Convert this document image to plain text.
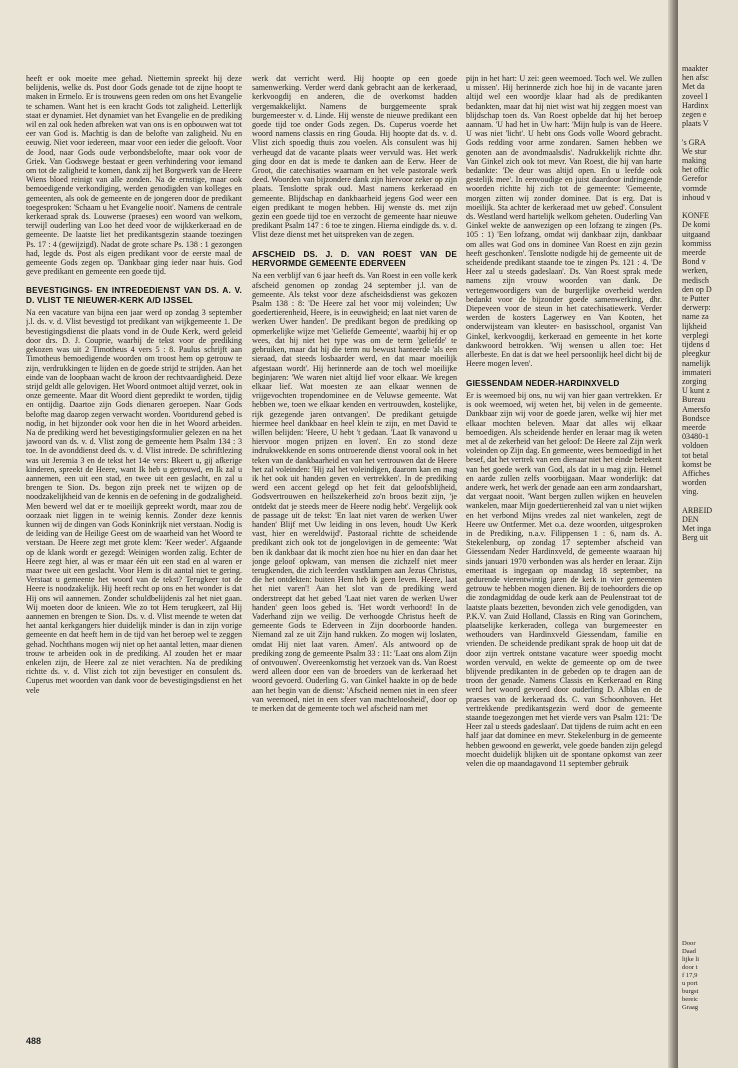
heeft er ook moeite mee gehad. Niettemin spreekt hij deze belijdenis, welke ds. Post door Gods genade tot de zijne hoopt te maken in Ermelo. Er is trouwens geen reden om ons het Evangelie te schamen. Want het is een kracht Gods tot zaligheid. Letterlijk staat er dynamiet. Het dynamiet van het Evangelie en de prediking wil en zal ook heden afbreken wat van ons is en opbouwen wat tot eer van God is. Machtig is dan de belofte van zaligheid. Nu en eeuwig. Niet voor iedereen, maar voor een ieder die gelooft. Voor de Jood, naar Gods oude verbondsbelofte, maar ook voor de Griek. Van Godswege bestaat er geen verhindering voor iemand om tot de zaligheid te komen, dank zij het Borgwerk van de Heere Wiens bloed reinigt van alle zonden. Na de ernstige, maar ook bemoedigende verkondiging, werden genodigden van kolleges en gemeenten, als ook de gemeente en de jongeren door de predikant toegesproken: 'Schaam u het Evangelie nooit'. Namens de centrale kerkeraad sprak ds. Louwerse (praeses) een woord van welkom, terwijl ouderling van Loo het deed voor de wijkkerkeraad en de gemeente. De laatste liet het predikantsgezin staande toezingen Ps. 17 : 4 (gewijzigd). Nadat de grote schare Ps. 138 : 1 gezongen had, legde ds. Post als eigen predikant voor de eerste maal de gemeente Gods zegen op. 'Dankbaar ging ieder naar huis. God geve predikant en gemeente een goede tijd.

BEVESTIGINGS- EN INTREDEDIENST VAN DS. A. V. D. VLIST TE NIEUWER-KERK A/D IJSSEL

Na een vacature van bijna een jaar werd op zondag 3 september j.l. ds. v. d. Vlist bevestigd tot predikant van wijkgemeente 1. De bevestigingsdienst die plaats vond in de Oude Kerk, werd geleid door drs. D. J. Couprie, waarbij de tekst voor de prediking gekozen was uit 2 Timotheus 4 vers 5 : 8. Paulus schrijft aan Timotheus bemoedigende woorden om troost hem op getrouw te zijn, verdrukkingen te lijden en de goede strijd te strijden. Aan het einde van de loopbaan wacht de kroon der rechtvaardigheid. Deze strijd geldt alle gelovigen. Het Woord ontmoet altijd verzet, ook in onze gemeente. Maar dit Woord dient gepredikt te worden, tijdig en ontijdig. Daartoe zijn Gods dienaren geroepen. Naar Gods belofte mag daarop zegen verwacht worden. Voortdurend gebed is nodig, in het bijzonder ook voor hen die in het Woord arbeiden. Na de prediking werd het bevestigingsformulier gelezen en na het jawoord van ds. v. d. Vlist zong de gemeente hem Psalm 134 : 3 toe. In de avonddienst deed ds. v. d. Vlist intrede. De schriftlezing was uit Jeremia 3 en de tekst het 14e vers: Bkeert u, gij afkerige kinderen, spreekt de Heere, want Ik heb u getrouwd, en Ik zal u aannemen, een uit een stad, en twee uit een geslacht, en zal u brengen te Sion. Ds. begon zijn preek net te wijzen op de noodzakelijkheid van de kennis en de oefening in de godzaligheid. Men bewerd wel dat er te moeilijk gepreekt wordt, maar zou de oorzaak niet liggen in te weinig kennis. Zonder deze kennis kunnen wij de dingen van Gods Koninkrijk niet verstaan. Nodig is de leiding van de Heilige Geest om de waarheid van het Woord te verstaan. De Heere zegt met grote klem: 'Keer weder'. Afgaande op de klank wordt er gezegd: Weinigen worden zalig. Echter de Heere zegt hier, al was er maar één uit een stad en al waren er maar twee uit een geslacht. Voor Hem is dit aantal niet te gering. Verstaat u gemeente het woord van de tekst? Terugkeer tot de Heere is noodzakelijk. Hij heeft recht op ons en het wonder is dat Hij ons wil aannemen. Zonder schuldbelijdenis zal het niet gaan. Wij moeten door de knieen. Wie zo tot Hem terugkeert, zal Hij aannemen en brengen te Sion. Ds. v. d. Vlist meende te weten dat het aantal kerkgangers hier duidelijk minder is dan in zijn vorige gemeente en dat heeft hem in de tijd van het beroep wel te zeggen gehad. Nochthans mogen wij niet op het aantal letten, maar dienen trouw te arbeiden ook in de prediking. Al zouden het er maar enkelen zijn, de Heere zal ze niet verachten. Na de prediking richtte ds. v. d. Vlist zich tot zijn bevestiger en consulent ds. Cuperus met woorden van dank voor de bevestigingsdienst en het vele

werk dat verricht werd. Hij hoopte op een goede samenwerking. Verder werd dank gebracht aan de kerkeraad, kerkvoogdij en anderen, die de overkomst hadden vergemakkelijkt. Namens de burggemeente sprak burgemeester v. d. Linde. Hij wenste de nieuwe predikant een goede tijd toe onder Gods zegen. Ds. Cuperus voerde het woord namens classis en ring Gouda. Hij hoopte dat ds. v. d. Vlist zich spoedig thuis zou voelen. Als consulent was hij verheugd dat de vacante plaats weer vervuld was. Het werk ging door en dat is mede te danken aan de Eerw. Heer de Groot, die catechisaties waarnam en het vele pastorale werk deed. Woorden van bijzondere dank zijn hiervoor zeker op zijn plaats. Tenslotte sprak oud. Mast namens kerkeraad en gemeente. Blijdschap en dankbaarheid jegens God weer een eigen predikant te mogen hebben. Hij wenste ds. met zijn gezin een goede tijd toe en verzocht de gemeente haar nieuwe predikant Psalm 147 : 6 toe te zingen. Hierna eindigde ds. v. d. Vlist deze dienst met het uitspreken van de zegen.

AFSCHEID DS. J. D. VAN ROEST VAN DE HERVORMDE GEMEENTE EDERVEEN

Na een verblijf van 6 jaar heeft ds. Van Roest in een volle kerk afscheid genomen op zondag 24 september j.l. van de gemeente. Als tekst voor deze afscheidsdienst was gekozen Psalm 138 : 8: 'De Heere zal het voor mij voleinden; Uw goedertierenheid, Heere, is in eeuwigheid; en laat niet varen de werken Uwer handen'. De predikant begon de prediking op opmerkelijke wijze met 'Geliefde Gemeente', waarbij hij er op wees, dat hij niet het type was om de term 'geliefde' te gebruiken, maar dat hij die term nu bewust hanteerde 'als een sieraad, dat steeds losbaarder werd, en dat maar moeilijk afgestaan wordt'. Hij herinnerde aan de toch wel moeilijke beginjaren: 'We waren niet altijd lief voor elkaar. We kregen elkaar lief. Wat moesten ze aan elkaar wennen de vrijgevochten tropendominee en de Veluwse gemeente. Wat hebben we, toen we elkaar kenden en vertrouwden, kostelijke, rijk gezegende jaren ontvangen'. De predikant getuigde hiermee heel dankbaar en heel klein te zijn, en met David te willen belijden: 'Heere, U hebt 't gedaan. 'Laat Ik vanavond u hiervoor mogen prijzen en loven'. En zo stond deze indrukwekkende en soms ontroerende dienst vooral ook in het teken van de dankbaarheid en van het vertrouwen dat de Heere het zal voleinden: 'Hij zal het voleindigen, daarom kan en mag ik het ook uit handen geven en vertrekken'. In de prediking werd een accent gelegd op het feit dat geloofsblijheid, Godsvertrouwen en heilszekerheid zo'n broos bezit zijn, 'je ontdekt dat je steeds meer de Heere nodig hebt'. Vergelijk ook de passage uit de tekst: 'En laat niet varen de werken Uwer handen' Blijf met Uw leiding in ons leven, houdt Uw Kerk vast, hier en wereldwijd'. Pastoraal richtte de scheidende predikant zich ook tot de jongelovigen in de gemeente: 'Wat ben ik dankbaar dat ik mocht zien hoe nu hier en dan daar het jonge geloof opkwam, van mensen die zichzelf niet meer terugkenden, die zich leerden vastklampen aan Jezus Christus, die het ontdekten: buiten Hem heb ik geen leven. Heere, laat het niet varen'! Aan het slot van de prediking werd onderstreept dat het gebed 'Laat niet varen de werken Uwer handen' geen loos gebed is. 'Het wordt verhoord! In de Vaderhand zijn we veilig. De verhoogde Christus heeft de gemeente Gods te Ederveen in Zijn doorboorde handen. Niemand zal ze uit Zijn hand rukken. Zo mogen wij loslaten, omdat Hij niet laat varen. Amen'. Als antwoord op de prediking zong de gemeente Psalm 33 : 11: 'Laat ons alom Zijn of ontvouwen'. Overeenkomstig het verzoek van ds. Van Roest werd alleen door een van de broeders van de kerkeraad het woord gevoerd. Ouderling G. van Ginkel haakte in op de bede aan het begin van de dienst: 'Afscheid nemen niet in een sfeer van weemoed, niet in een sfeer van machteloosheid', door op te merken dat de gemeente toch wel afscheid nam met

pijn in het hart: U zei: geen weemoed. Toch wel. We zullen u missen'. Hij herinnerde zich hoe hij in de vacante jaren altijd wel een woordje klaar had als de predikanten bedankten, maar dat hij niet wist wat hij zeggen moest van blijdschap toen ds. Van Roest opbelde dat hij het beroep aannam. 'U had het in Uw hart: 'Mijn hulp is van de Heere. U was niet 'licht'. U hebt ons Gods volle Woord gebracht. Gods redding voor arme zondaren. Samen hebben we genoten aan de avondmaalsdis'. Nadrukkelijk richtte dhr. Van Ginkel zich ook tot mevr. Van Roest, die hij van harte bedankte: 'De deur was altijd open. En u leefde ook gestelijk mee'. In eenvoudige en juist daardoor indringende woorden richtte hij zich tot de gemeente: 'Gemeente, morgen zitten wij zonder dominee. Dat is erg. Dat is moeilijk. Sta achter de kerkeraad met uw gebed'. Consulent ds. Westland werd hartelijk welkom geheten. Ouderling Van Ginkel wekte de aanwezigen op een lofzang te zingen (Ps. 105 : 1) 'Een lofzang, omdat wij dankbaar zijn, dankbaar om alles wat God ons in dominee Van Roest en zijn gezin heeft geschonken'. Tenslotte nodigde hij de gemeente uit de scheidende predikant staande toe te zingen Ps. 121 : 4. 'De Heer zal u steeds gadeslaan'. Ds. Van Roest sprak mede namens zijn vrouw woorden van dank. De vertegenwoordigers van de burgerlijke overheid werden bedankt voor de bijzonder goede samenwerking, dhr. Diepeveen voor de steun in het catechisatiewerk. Verder werden de kosters Lagerwey en Van Kooten, het onderwijsteam van kleuter- en basisschool, organist Van Ginkel, kerkvoogdij, kerkeraad en gemeente in het korte dankwoord betrokken. 'Wij wensen u allen toe: Het allerbeste. En dat is dat we heel persoonlijk heel dicht bij de Heere mogen leven'.

GIESSENDAM NEDER-HARDINXVELD

Er is weemoed bij ons, nu wij van hier gaan vertrekken. Er is ook weemoed, wij weten het, bij velen in de gemeente. Dankbaar zijn wij voor de goede jaren, welke wij hier met elkaar mochten beleven. Maar dat alles wij elkaar bemoedigen. Als scheidende herder en leraar mag ik weten met al de zekerheid van het geloof: De Heere zal Zijn werk voleinden op Zijn dag. En gemeente, wees bemoedigd in het besef, dat het vertrek van een dienaar niet het einde betekent van het goede werk van God, als dat in u mag zijn. Hemel en aarde zullen zelfs voorbijgaan. Maar wonderlijk: dat andere werk, het werk der genade aan een arm zondaarshart, dat vergaat nooit. 'Want bergen zullen wijken en heuvelen wankelen, maar Mijn goedertierenheid zal van u niet wijken en het verbond Mijns vredes zal niet wankelen, zegt de Heere uw Ontfermer. Met o.a. deze woorden, uitgesproken in de Prediking, n.a.v. Filippensen 1 : 6, nam ds. A. Stekelenburg, op zondag 17 september afscheid van Giessendam Neder Hardinxveld, de gemeente waaraan hij sinds januari 1970 verbonden was als herder en leraar. Zijn emeritaat is ingegaan op maandag 18 september, na gedurende vierentwintig jaren de kerk in vier gemeenten getrouw te hebben mogen dienen. Bij de toehoorders die op die zondagmiddag de oude kerk aan de Peulenstraat tot de laatste plaats bezetten, bevonden zich vele genodigden, van P.K.V. van Zuid Holland, Classis en Ring van Gorinchem, plaatselijke kerkeraden, collega van burgemeester en wethouders van Hardinxveld Giessendam, familie en vrienden. De scheidende predikant sprak de hoop uit dat de door zijn vertrek ontstane vacature weer spoedig mocht worden vervuld, en wekte de gemeente op om de twee blijvende predikanten in de gebeden op te dragen aan de troon der genade. Namens Classis en Kerkeraad en Ring werd het woord gevoerd door ouderling D. Alblas en de praeses van de kerkeraad ds. C. van Schoonhoven. Het vertrekkende predikantsgezin werd door de gemeente staande toegezongen met het vierde vers van Psalm 121: 'De Heer zal u steeds gadeslaan'. Dat tijdens de ruim acht en een half jaar dat dominee en mevr. Stekelenburg in de gemeente hebben gewoond en gewerkt, vele goede banden zijn gelegd moecht duidelijk blijken uit de spontane opkomst van zeer velen die op maandagavond 11 september gebruik

488
maakter
hen afsc
Met da
zoveel I
Hardinx
zegen e
plaats V

's GRA
We stur
making
het offic
Gerefor
vormde
inhoud v

KONFE
De komi
uitgaand
kommiss
meerde
Bond v
werken,
medisch
den op D
te Putter
derwerp:
name za
lijkheid
verplegi
tijdens d
pleegkur
namelijk
immateri
zorging
U kunt z
Bureau
Amersfo
Bondsce
meerde
03480-1
voldoen
tot betal
komst be
Affiches
worden
ving.

ARBEID
DEN
Met inga
Berg uit
Door
Daad
lijke li
door t
f 17,9
u port
burgst
bereic
Graag
